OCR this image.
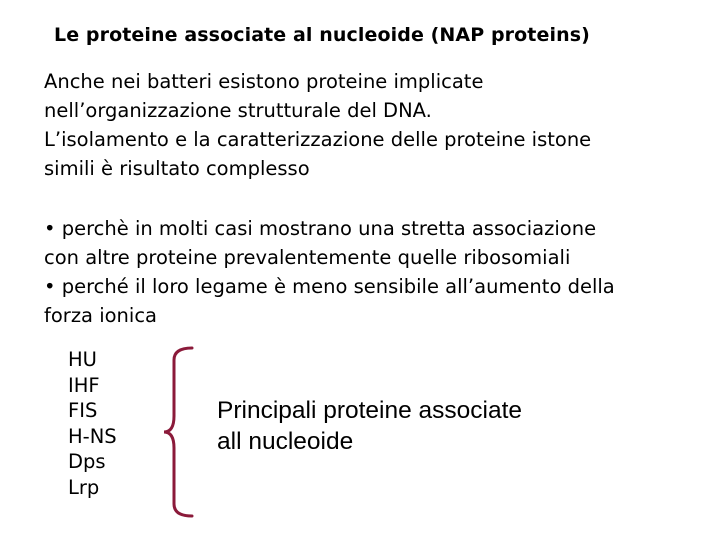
Le proteine associate al nucleoide (NAP proteins)
Anche nei batteri esistono proteine implicate
nell’organizzazione strutturale del DNA.
L’isolamento e la caratterizzazione delle proteine istone
simili è risultato complesso
• perchè in molti casi mostrano una stretta associazione
con altre proteine prevalentemente quelle ribosomiali
• perché il loro legame è meno sensibile all’aumento della
forza ionica
HU
IHF
FIS
H-NS
Dps
Lrp
Principali proteine associate
all nucleoide
